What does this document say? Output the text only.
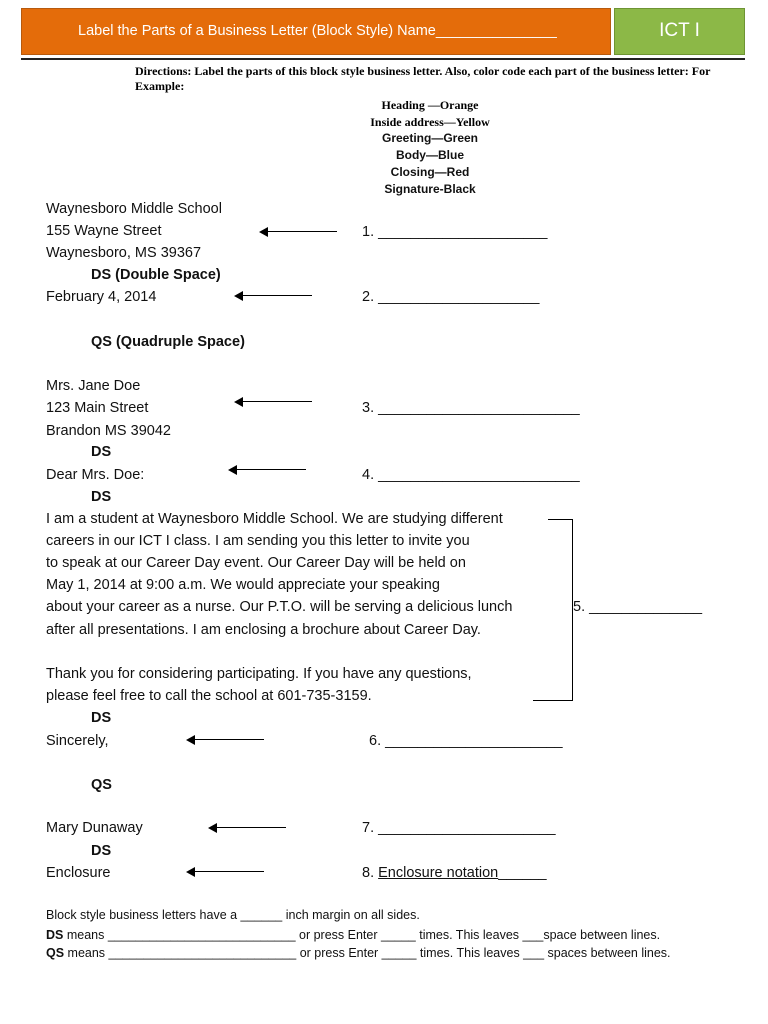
Label the Parts of a Business Letter (Block Style) Name_______________	ICT I
Directions: Label the parts of this block style business letter. Also, color code each part of the business letter: For Example:
Heading —Orange
Inside address—Yellow
Greeting—Green
Body—Blue
Closing—Red
Signature-Black
Waynesboro Middle School
155 Wayne Street
Waynesboro, MS 39367
1. _____________________
DS (Double Space)
February 4, 2014	2. ____________________
QS (Quadruple Space)
Mrs. Jane Doe
123 Main Street
Brandon MS 39042
3. _________________________
DS
Dear Mrs. Doe:	4. _________________________
DS
I am a student at Waynesboro Middle School. We are studying different
careers in our ICT I class. I am sending you this letter to invite you
to speak at our Career Day event. Our Career Day will be held on
May 1, 2014 at 9:00 a.m. We would appreciate your speaking
about your career as a nurse. Our P.T.O. will be serving a delicious lunch
after all presentations. I am enclosing a brochure about Career Day.
Thank you for considering participating. If you have any questions,
please feel free to call the school at 601-735-3159.
5. ______________
DS
Sincerely,	6. ______________________
QS
Mary Dunaway	7. ______________________
DS
Enclosure	8. Enclosure notation______
Block style business letters have a ______ inch margin on all sides.
DS means ___________________________ or press Enter _____ times. This leaves ___space between lines.
QS means ___________________________ or press Enter _____ times. This leaves ___ spaces between lines.
